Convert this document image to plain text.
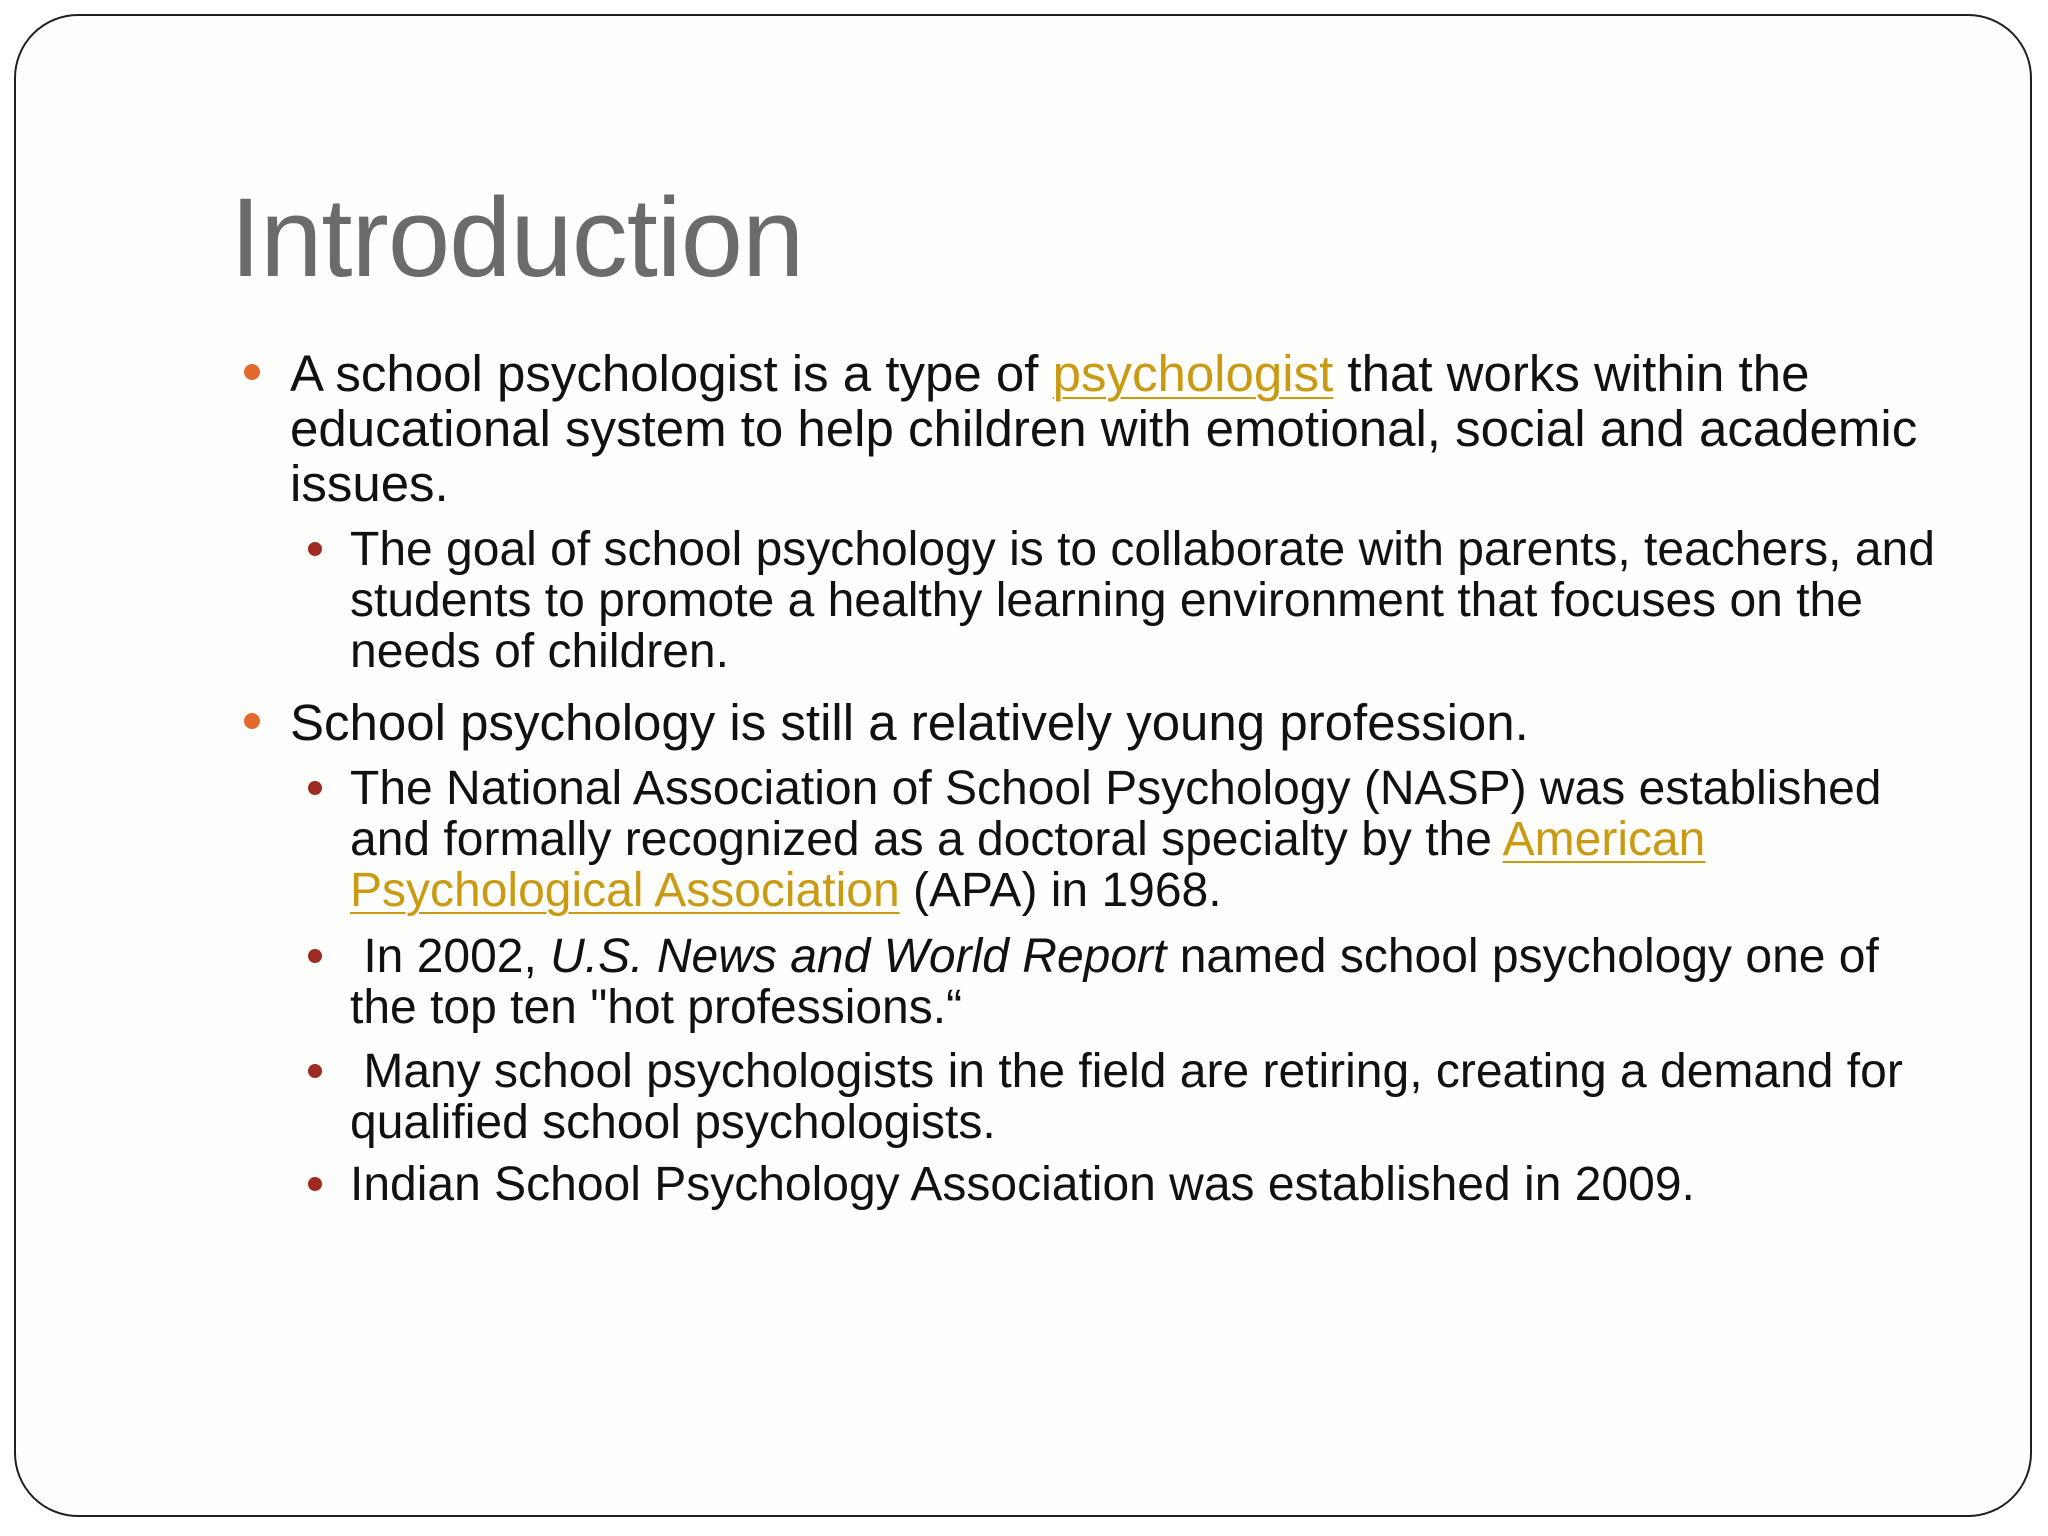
Introduction

A school psychologist is a type of psychologist that works within the educational system to help children with emotional, social and academic issues.

The goal of school psychology is to collaborate with parents, teachers, and students to promote a healthy learning environment that focuses on the needs of children.

School psychology is still a relatively young profession.

The National Association of School Psychology (NASP) was established and formally recognized as a doctoral specialty by the American Psychological Association (APA) in 1968.

In 2002, U.S. News and World Report named school psychology one of the top ten "hot professions.“

Many school psychologists in the field are retiring, creating a demand for qualified school psychologists.

Indian School Psychology Association was established in 2009.
